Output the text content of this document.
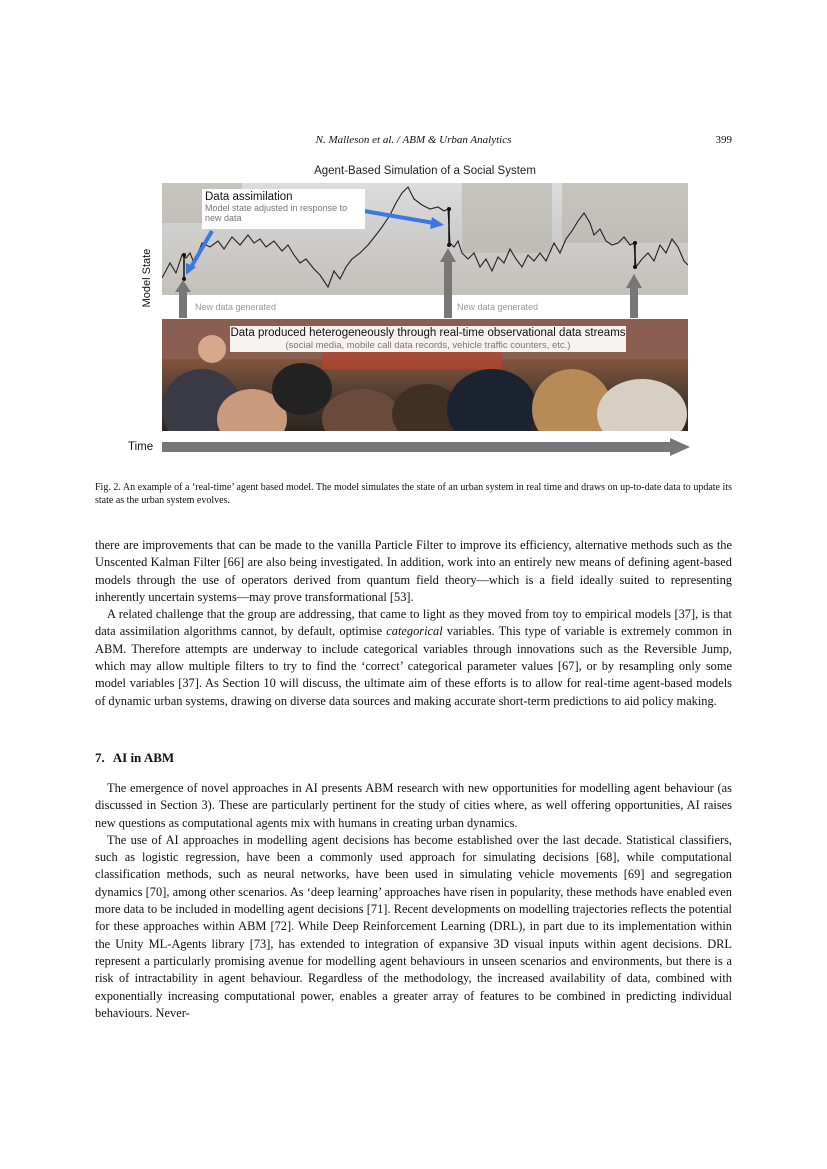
N. Malleson et al. / ABM & Urban Analytics	399
Agent-Based Simulation of a Social System
Model State
Data assimilation
Model state adjusted in response to new data
New data generated	New data generated
Data produced heterogeneously through real-time observational data streams
(social media, mobile call data records, vehicle traffic counters, etc.)
Time
Fig. 2. An example of a ‘real-time’ agent based model. The model simulates the state of an urban system in real time and draws on up-to-date data to update its state as the urban system evolves.

there are improvements that can be made to the vanilla Particle Filter to improve its efficiency, alternative methods such as the Unscented Kalman Filter [66] are also being investigated. In addition, work into an entirely new means of defining agent-based models through the use of operators derived from quantum field theory—which is a field ideally suited to representing inherently uncertain systems—may prove transformational [53].

A related challenge that the group are addressing, that came to light as they moved from toy to empirical models [37], is that data assimilation algorithms cannot, by default, optimise categorical variables. This type of variable is extremely common in ABM. Therefore attempts are underway to include categorical variables through innovations such as the Reversible Jump, which may allow multiple filters to try to find the ‘correct’ categorical parameter values [67], or by resampling only some model variables [37]. As Section 10 will discuss, the ultimate aim of these efforts is to allow for real-time agent-based models of dynamic urban systems, drawing on diverse data sources and making accurate short-term predictions to aid policy making.

7. AI in ABM

The emergence of novel approaches in AI presents ABM research with new opportunities for modelling agent behaviour (as discussed in Section 3). These are particularly pertinent for the study of cities where, as well offering opportunities, AI raises new questions as computational agents mix with humans in creating urban dynamics.

The use of AI approaches in modelling agent decisions has become established over the last decade. Statistical classifiers, such as logistic regression, have been a commonly used approach for simulating decisions [68], while computational classification methods, such as neural networks, have been used in simulating vehicle movements [69] and segregation dynamics [70], among other scenarios. As ‘deep learning’ approaches have risen in popularity, these methods have enabled even more data to be included in modelling agent decisions [71]. Recent developments on modelling trajectories reflects the potential for these approaches within ABM [72]. While Deep Reinforcement Learning (DRL), in part due to its implementation within the Unity ML-Agents library [73], has extended to integration of expansive 3D visual inputs within agent decisions. DRL represent a particularly promising avenue for modelling agent behaviours in unseen scenarios and environments, but there is a risk of intractability in agent behaviour. Regardless of the methodology, the increased availability of data, combined with exponentially increasing computational power, enables a greater array of features to be combined in predicting individual behaviours. Never-
